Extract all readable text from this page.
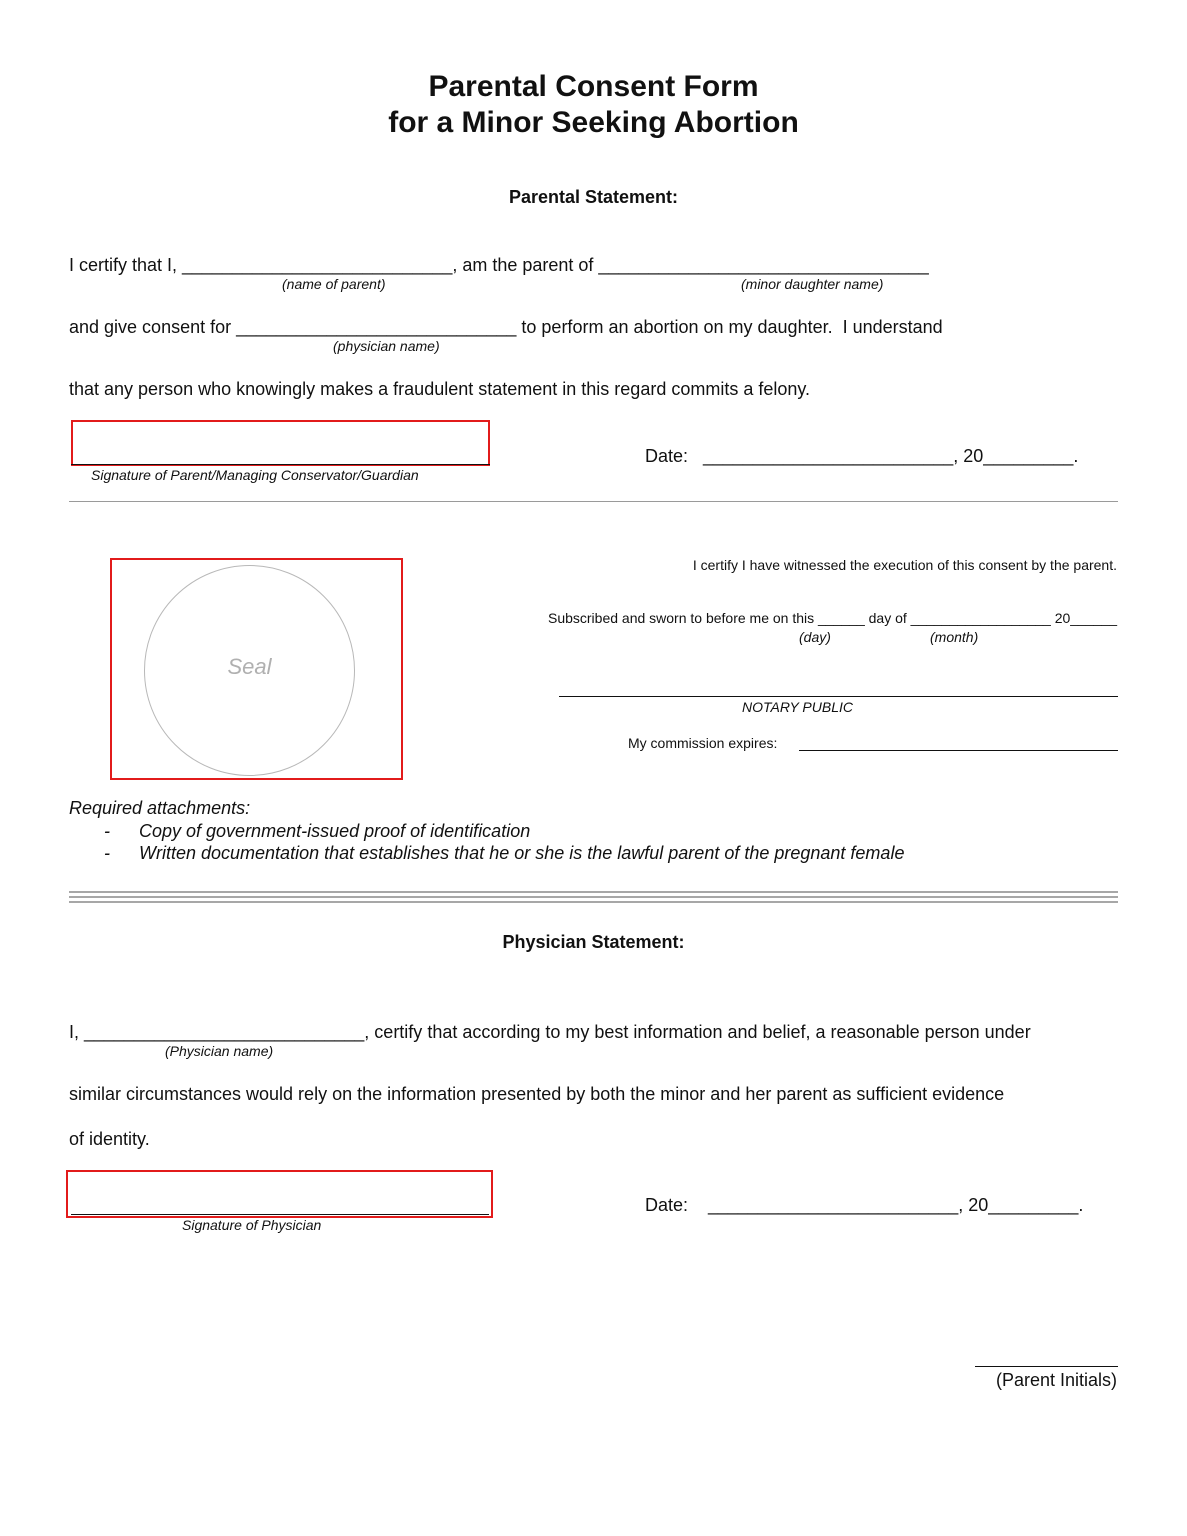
Parental Consent Form
for a Minor Seeking Abortion
Parental Statement:
I certify that I, ___________________________, am the parent of _________________________________
(name of parent)	(minor daughter name)
and give consent for ____________________________ to perform an abortion on my daughter.  I understand
(physician name)
that any person who knowingly makes a fraudulent statement in this regard commits a felony.
Signature of Parent/Managing Conservator/Guardian
Date: _________________________, 20_________.
Seal
I certify I have witnessed the execution of this consent by the parent.
Subscribed and sworn to before me on this ______ day of __________________ 20______
(day)	(month)
NOTARY PUBLIC
My commission expires:
Required attachments:
- Copy of government-issued proof of identification
- Written documentation that establishes that he or she is the lawful parent of the pregnant female
Physician Statement:
I, ____________________________, certify that according to my best information and belief, a reasonable person under
(Physician name)
similar circumstances would rely on the information presented by both the minor and her parent as sufficient evidence
of identity.
Signature of Physician
Date: _________________________, 20_________.
(Parent Initials)
